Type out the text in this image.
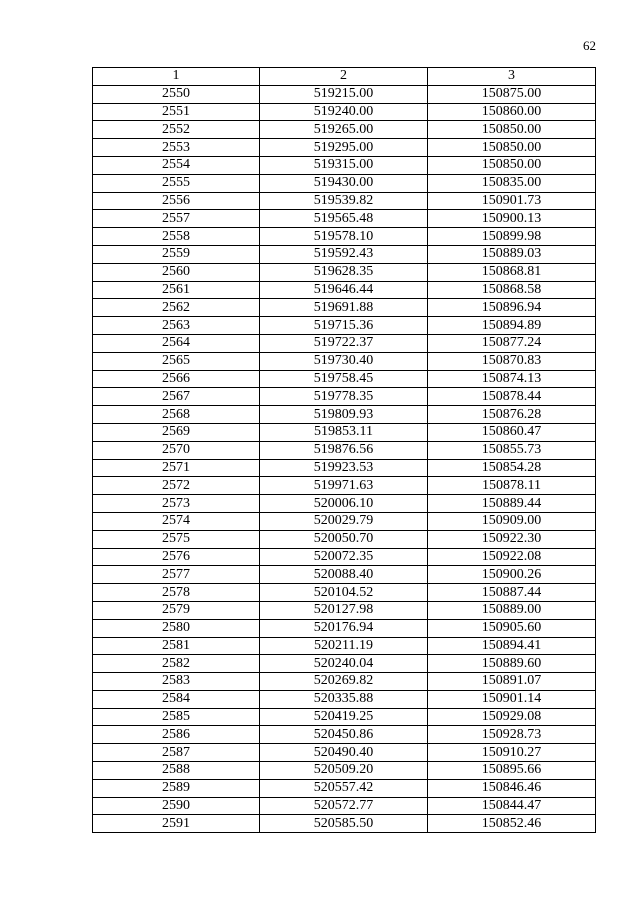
62
1	2	3
2550	519215.00	150875.00
2551	519240.00	150860.00
2552	519265.00	150850.00
2553	519295.00	150850.00
2554	519315.00	150850.00
2555	519430.00	150835.00
2556	519539.82	150901.73
2557	519565.48	150900.13
2558	519578.10	150899.98
2559	519592.43	150889.03
2560	519628.35	150868.81
2561	519646.44	150868.58
2562	519691.88	150896.94
2563	519715.36	150894.89
2564	519722.37	150877.24
2565	519730.40	150870.83
2566	519758.45	150874.13
2567	519778.35	150878.44
2568	519809.93	150876.28
2569	519853.11	150860.47
2570	519876.56	150855.73
2571	519923.53	150854.28
2572	519971.63	150878.11
2573	520006.10	150889.44
2574	520029.79	150909.00
2575	520050.70	150922.30
2576	520072.35	150922.08
2577	520088.40	150900.26
2578	520104.52	150887.44
2579	520127.98	150889.00
2580	520176.94	150905.60
2581	520211.19	150894.41
2582	520240.04	150889.60
2583	520269.82	150891.07
2584	520335.88	150901.14
2585	520419.25	150929.08
2586	520450.86	150928.73
2587	520490.40	150910.27
2588	520509.20	150895.66
2589	520557.42	150846.46
2590	520572.77	150844.47
2591	520585.50	150852.46
